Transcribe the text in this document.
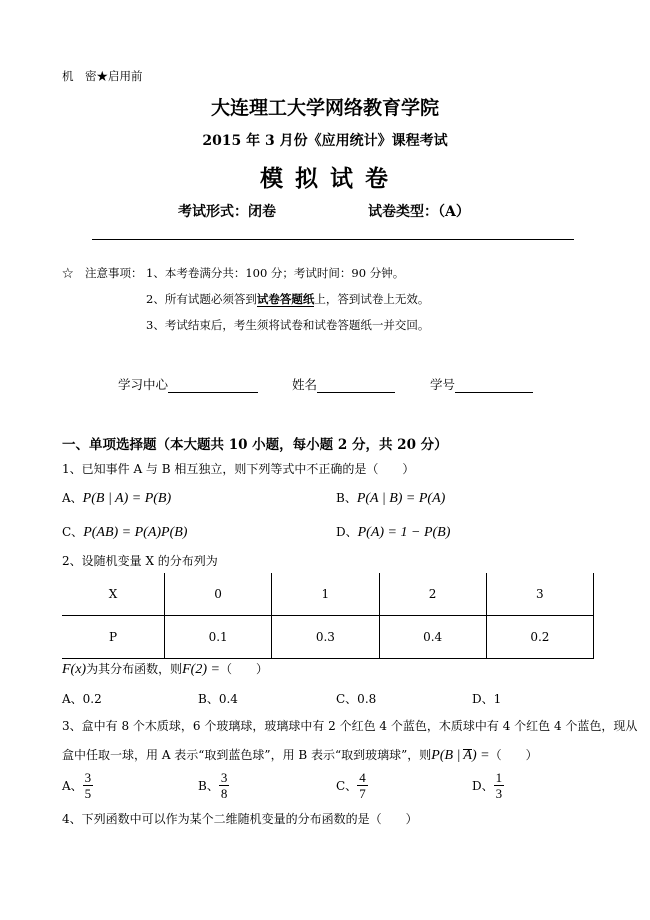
机　密★启用前
大连理工大学网络教育学院
2015 年 3 月份《应用统计》课程考试
模 拟 试 卷
考试形式：闭卷	试卷类型：（A）
☆　注意事项： 1、本考卷满分共：100 分；考试时间：90 分钟。
2、所有试题必须答到试卷答题纸上，答到试卷上无效。
3、考试结束后，考生须将试卷和试卷答题纸一并交回。
学习中心	姓名	学号
一、单项选择题（本大题共 10 小题，每小题 2 分，共 20 分）
1、已知事件 A 与 B 相互独立，则下列等式中不正确的是（　　）
A、P(B | A) = P(B)	B、P(A | B) = P(A)
C、P(AB) = P(A)P(B)	D、P(A) = 1 − P(B)
2、设随机变量 X 的分布列为
X	0	1	2	3
P	0.1	0.3	0.4	0.2
F(x)为其分布函数，则F(2) =（　　）
A、0.2	B、0.4	C、0.8	D、1
3、盒中有 8 个木质球，6 个玻璃球，玻璃球中有 2 个红色 4 个蓝色，木质球中有 4 个红色 4 个蓝色，现从
盒中任取一球，用 A 表示“取到蓝色球”，用 B 表示“取到玻璃球”，则P(B | A) =（　　）
A、 $\frac{3}{5}$	B、 $\frac{3}{8}$	C、 $\frac{4}{7}$	D、 $\frac{1}{3}$
4、下列函数中可以作为某个二维随机变量的分布函数的是（　　）
